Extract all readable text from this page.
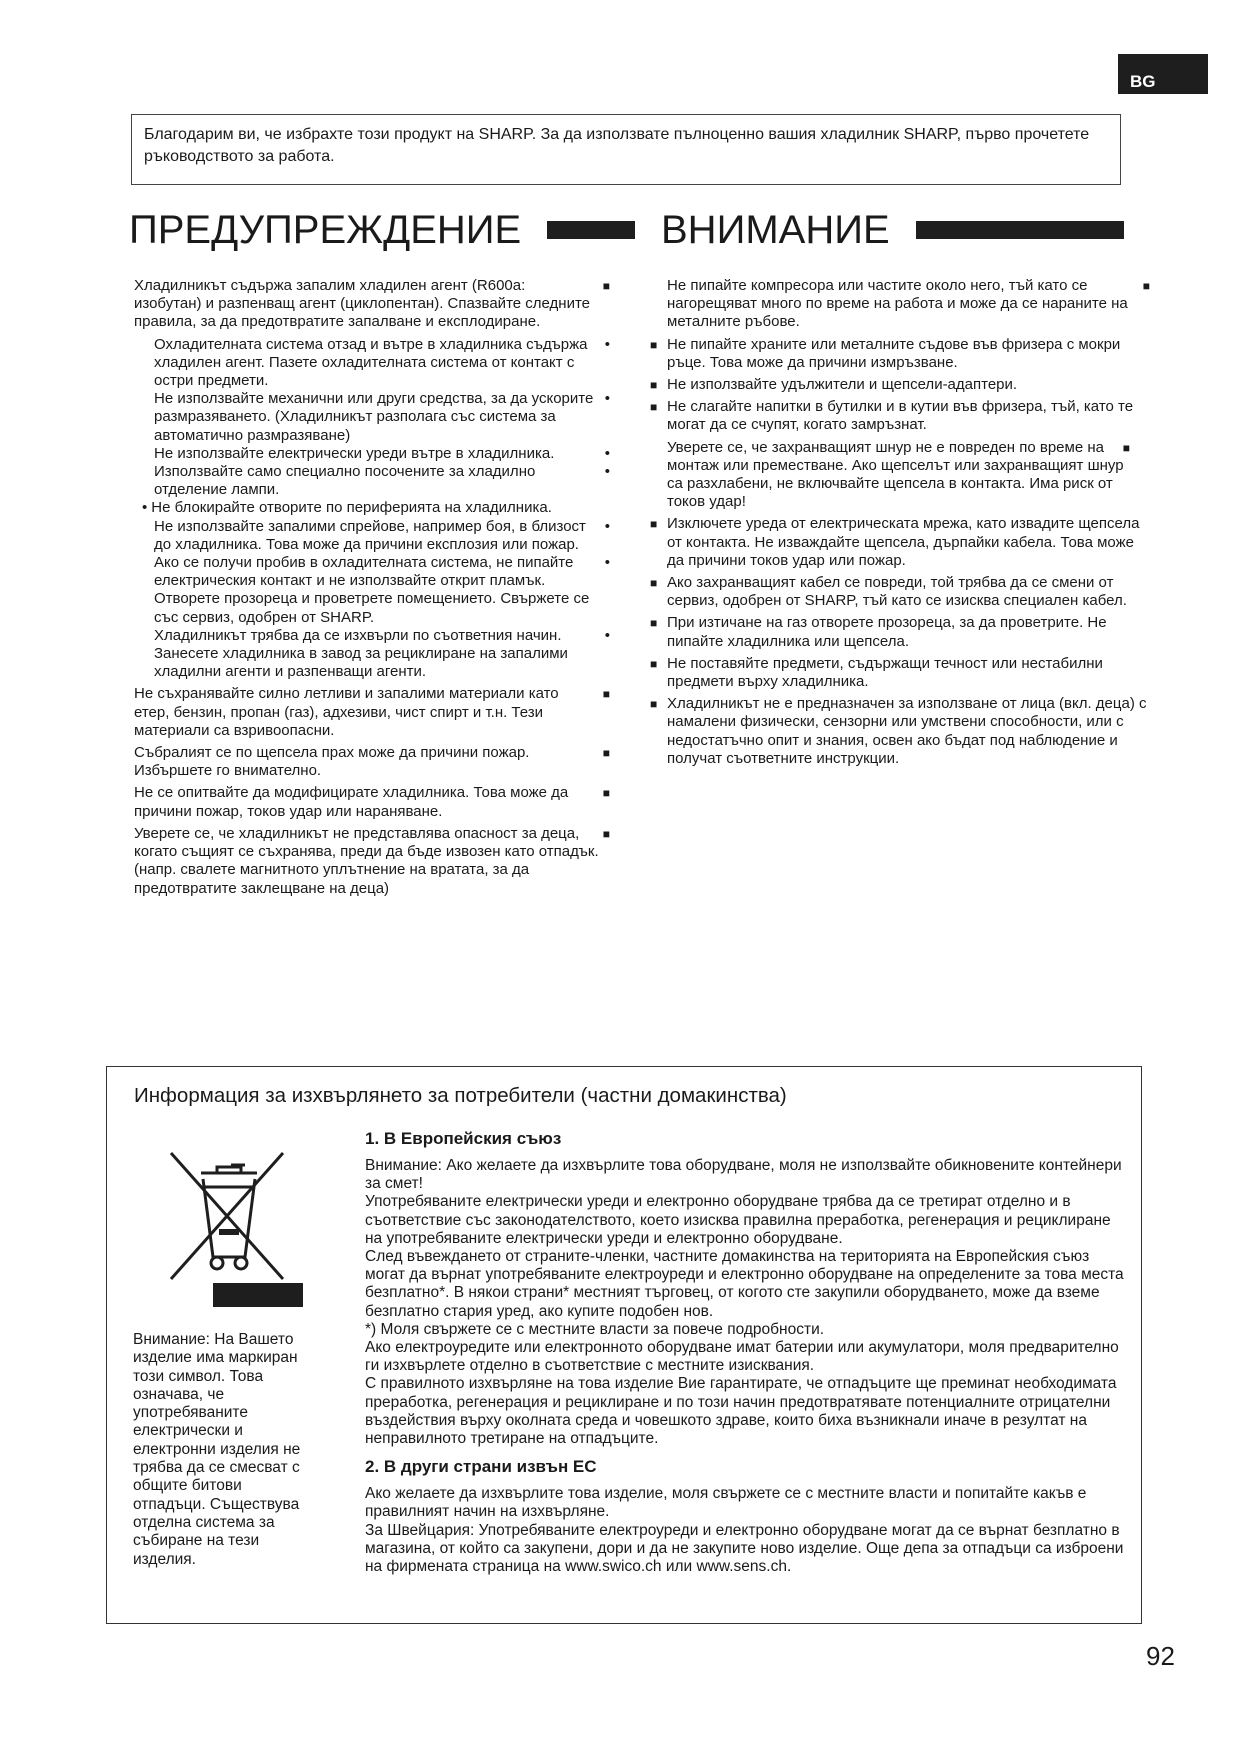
BG
Благодарим ви, че избрахте този продукт на SHARP. За да използвате пълноценно вашия хладилник SHARP, първо прочетете ръководството за работа.
ПРЕДУПРЕЖДЕНИЕ	ВНИМАНИЕ

■
Хладилникът съдържа запалим хладилен агент (R600a: изобутан) и разпенващ агент (циклопентан). Спазвайте следните правила, за да предотвратите запалване и експлодиране.

•
Охладителната система отзад и вътре в хладилника съдържа хладилен агент. Пазете охладителната система от контакт с остри предмети.

•
Не използвайте механични или други средства, за да ускорите размразяването. (Хладилникът разполага със система за автоматично размразяване)

•
Не използвайте електрически уреди вътре в хладилника.

•
Използвайте само специално посочените за хладилно отделение лампи.

• Не блокирайте отворите по периферията на хладилника.

•
Не използвайте запалими спрейове, например боя, в близост до хладилника. Това може да причини експлозия или пожар.

•
Ако се получи пробив в охладителната система, не пипайте електрическия контакт и не използвайте открит пламък. Отворете прозореца и проветрете помещението. Свържете се със сервиз, одобрен от SHARP.

•
Хладилникът трябва да се изхвърли по съответния начин. Занесете хладилника в завод за рециклиране на запалими хладилни агенти и разпенващи агенти.

■
Не съхранявайте силно летливи и запалими материали като етер, бензин, пропан (газ), адхезиви, чист спирт и т.н. Тези материали са взривоопасни.

■
Събралият се по щепсела прах може да причини пожар. Избършете го внимателно.

■
Не се опитвайте да модифицирате хладилника. Това може да причини пожар, токов удар или нараняване.

■
Уверете се, че хладилникът не представлява опасност за деца, когато същият се съхранява, преди да бъде извозен като отпадък. (напр. свалете магнитното уплътнение на вратата, за да предотвратите заклещване на деца)

■
Не пипайте компресора или частите около него, тъй като се нагорещяват много по време на работа и може да се нараните на металните ръбове.

■ Не пипайте храните или металните съдове във фризера с мокри ръце. Това може да причини измръзване.

■ Не използвайте удължители и щепсели-адаптери.

■ Не слагайте напитки в бутилки и в кутии във фризера, тъй, като те могат да се счупят, когато замръзнат.

■
Уверете се, че захранващият шнур не е повреден по време на монтаж или преместване. Ако щепселът или захранващият шнур са разхлабени, не включвайте щепсела в контакта. Има риск от токов удар!

■ Изключете уреда от електрическата мрежа, като извадите щепсела от контакта. Не изваждайте щепсела, дърпайки кабела. Това може да причини токов удар или пожар.

■ Ако захранващият кабел се повреди, той трябва да се смени от сервиз, одобрен от SHARP, тъй като се изисква специален кабел.

■ При изтичане на газ отворете прозореца, за да проветрите. Не пипайте хладилника или щепсела.

■ Не поставяйте предмети, съдържащи течност или нестабилни предмети върху хладилника.

■ Хладилникът не е предназначен за използване от лица (вкл. деца) с намалени физически, сензорни или умствени способности, или с недостатъчно опит и знания, освен ако бъдат под наблюдение и получат съответните инструкции.

Информация за изхвърлянето за потребители (частни домакинства)
Внимание: На Вашето изделие има маркиран този символ. Това означава, че употребяваните електрически и електронни изделия не трябва да се смесват с общите битови отпадъци. Съществува отделна система за събиране на тези изделия.
1. В Европейския съюз

Внимание: Ако желаете да изхвърлите това оборудване, моля не използвайте обикновените контейнери за смет!

Употребяваните електрически уреди и електронно оборудване трябва да се третират отделно и в съответствие със законодателството, което изисква правилна преработка, регенерация и рециклиране на употребяваните електрически уреди и електронно оборудване.

След въвеждането от страните-членки, частните домакинства на територията на Европейския съюз могат да върнат употребяваните електроуреди и електронно оборудване на определените за това места безплатно*. В някои страни* местният търговец, от когото сте закупили оборудването, може да вземе безплатно стария уред, ако купите подобен нов.

*) Моля свържете се с местните власти за повече подробности.

Ако електроуредите или електронното оборудване имат батерии или акумулатори, моля предварително ги изхвърлете отделно в съответствие с местните изисквания.

С правилното изхвърляне на това изделие Вие гарантирате, че отпадъците ще преминат необходимата преработка, регенерация и рециклиране и по този начин предотвратявате потенциалните отрицателни въздействия върху околната среда и човешкото здраве, които биха възникнали иначе в резултат на неправилното третиране на отпадъците.

2. В други страни извън ЕС

Ако желаете да изхвърлите това изделие, моля свържете се с местните власти и попитайте какъв е правилният начин на изхвърляне.

За Швейцария: Употребяваните електроуреди и електронно оборудване могат да се върнат безплатно в магазина, от който са закупени, дори и да не закупите ново изделие. Още депа за отпадъци са изброени на фирмената страница на www.swico.ch или www.sens.ch.

92
